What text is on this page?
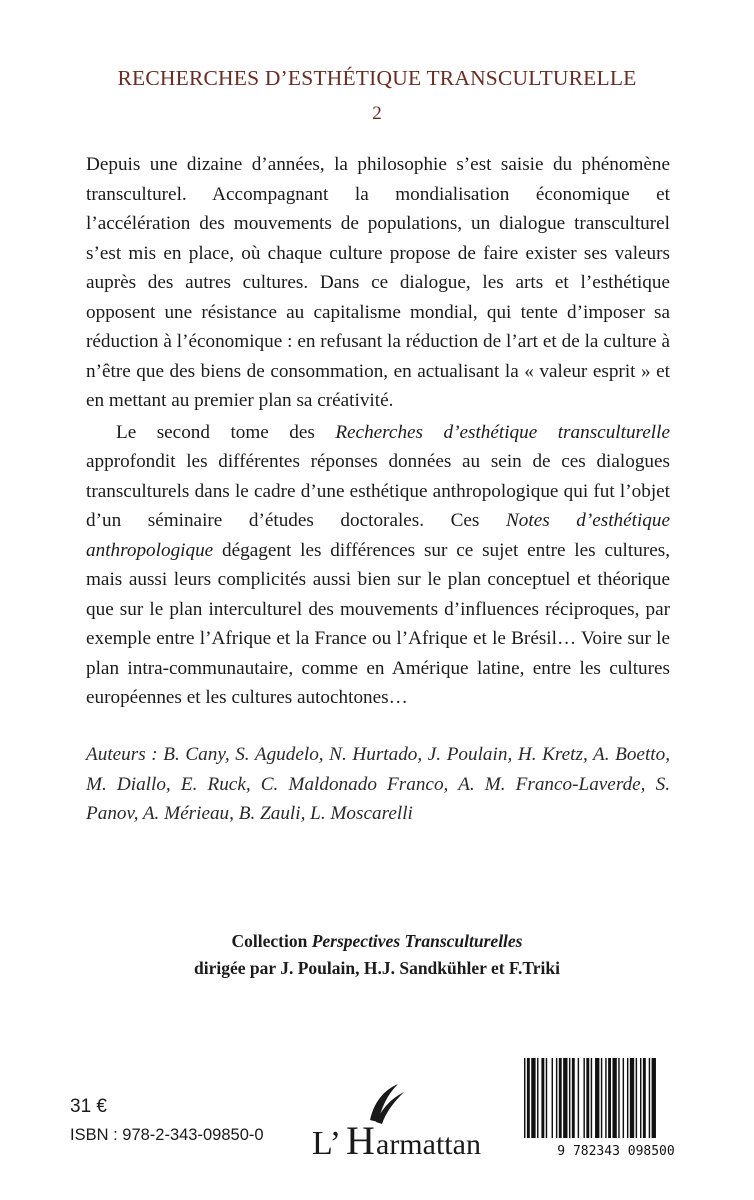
RECHERCHES D’ESTHÉTIQUE TRANSCULTURELLE
2

Depuis une dizaine d’années, la philosophie s’est saisie du phénomène transculturel. Accompagnant la mondialisation économique et l’accélération des mouvements de populations, un dialogue transculturel s’est mis en place, où chaque culture propose de faire exister ses valeurs auprès des autres cultures. Dans ce dialogue, les arts et l’esthétique opposent une résistance au capitalisme mondial, qui tente d’imposer sa réduction à l’économique : en refusant la réduction de l’art et de la culture à n’être que des biens de consommation, en actualisant la « valeur esprit » et en mettant au premier plan sa créativité.

Le second tome des Recherches d’esthétique transculturelle approfondit les différentes réponses données au sein de ces dialogues transculturels dans le cadre d’une esthétique anthropologique qui fut l’objet d’un séminaire d’études doctorales. Ces Notes d’esthétique anthropologique dégagent les différences sur ce sujet entre les cultures, mais aussi leurs complicités aussi bien sur le plan conceptuel et théorique que sur le plan interculturel des mouvements d’influences réciproques, par exemple entre l’Afrique et la France ou l’Afrique et le Brésil… Voire sur le plan intra-communautaire, comme en Amérique latine, entre les cultures européennes et les cultures autochtones…

Auteurs : B. Cany, S. Agudelo, N. Hurtado, J. Poulain, H. Kretz, A. Boetto, M. Diallo, E. Ruck, C. Maldonado Franco, A. M. Franco-Laverde, S. Panov, A. Mérieau, B. Zauli, L. Moscarelli
Collection Perspectives Transculturelles
dirigée par J. Poulain, H.J. Sandkühler et F.Triki
31 €
ISBN : 978-2-343-09850-0 L’ H armattan	9 782343 098500
